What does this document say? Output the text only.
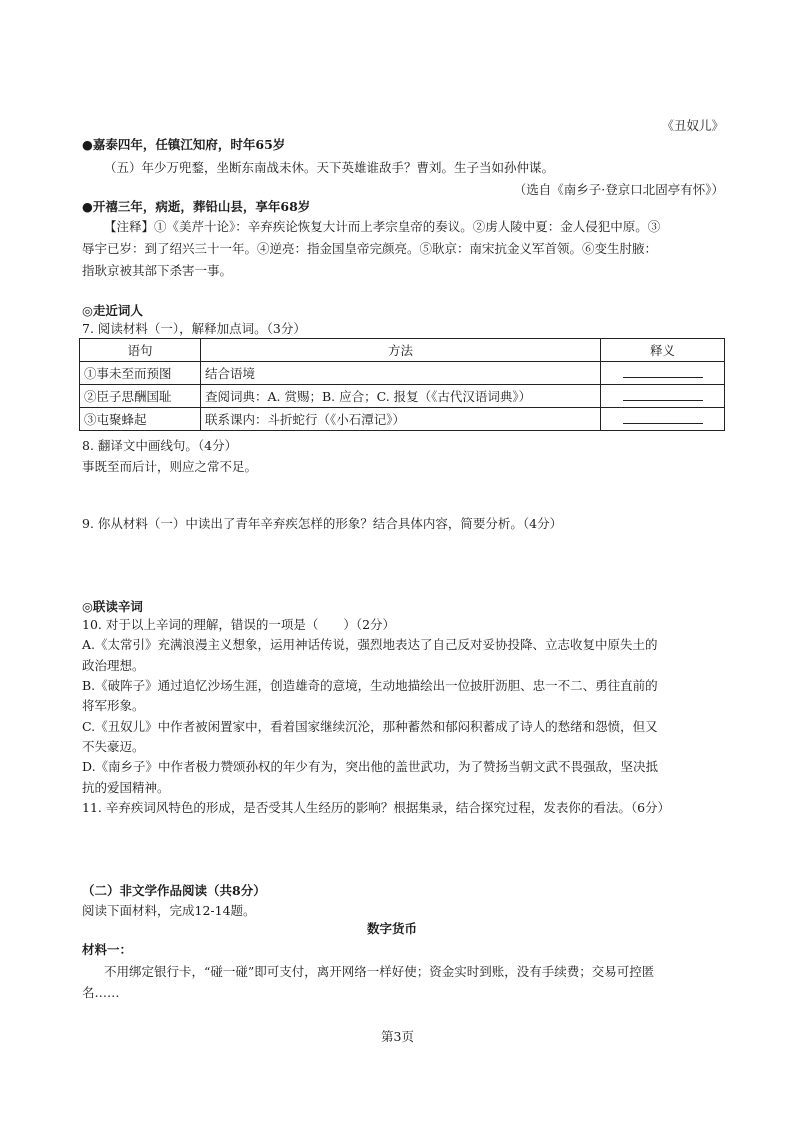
《丑奴儿》
●嘉泰四年，任镇江知府，时年65岁
（五）年少万兜鍪，坐断东南战未休。天下英雄谁敌手？曹刘。生子当如孙仲谋。
（选自《南乡子·登京口北固亭有怀》）
●开禧三年，病逝，葬铅山县，享年68岁
【注释】①《美芹十论》：辛弃疾论恢复大计而上孝宗皇帝的奏议。②虏人陵中夏：金人侵犯中原。③
辱宇已岁：到了绍兴三十一年。④逆亮：指金国皇帝完颜亮。⑤耿京：南宋抗金义军首领。⑥变生肘腋：
指耿京被其部下杀害一事。
◎走近词人
7. 阅读材料（一），解释加点词。（3分）
语句	方法	释义
①事未至而预图	结合语境	
②臣子思酬国耻	查阅词典：A. 赏赐；B. 应合；C. 报复（《古代汉语词典》）	
③屯聚蜂起	联系课内：斗折蛇行（《小石潭记》）	
8. 翻译文中画线句。（4分）
事既至而后计，则应之常不足。
9. 你从材料（一）中读出了青年辛弃疾怎样的形象？结合具体内容，简要分析。（4分）
◎联读辛词
10. 对于以上辛词的理解，错误的一项是（　　）（2分）
A.《太常引》充满浪漫主义想象，运用神话传说，强烈地表达了自己反对妥协投降、立志收复中原失土的
政治理想。
B.《破阵子》通过追忆沙场生涯，创造雄奇的意境，生动地描绘出一位披肝沥胆、忠一不二、勇往直前的
将军形象。
C.《丑奴儿》中作者被闲置家中，看着国家继续沉沦，那种蓄然和郁闷积蓄成了诗人的愁绪和怨愤，但又
不失豪迈。
D.《南乡子》中作者极力赞颂孙权的年少有为，突出他的盖世武功，为了赞扬当朝文武不畏强敌，坚决抵
抗的爱国精神。
11. 辛弃疾词风特色的形成，是否受其人生经历的影响？根据集录，结合探究过程，发表你的看法。（6分）
（二）非文学作品阅读（共8分）
阅读下面材料，完成12-14题。
数字货币
材料一：
不用绑定银行卡，“碰一碰”即可支付，离开网络一样好使；资金实时到账，没有手续费；交易可控匿
名……
第3页
